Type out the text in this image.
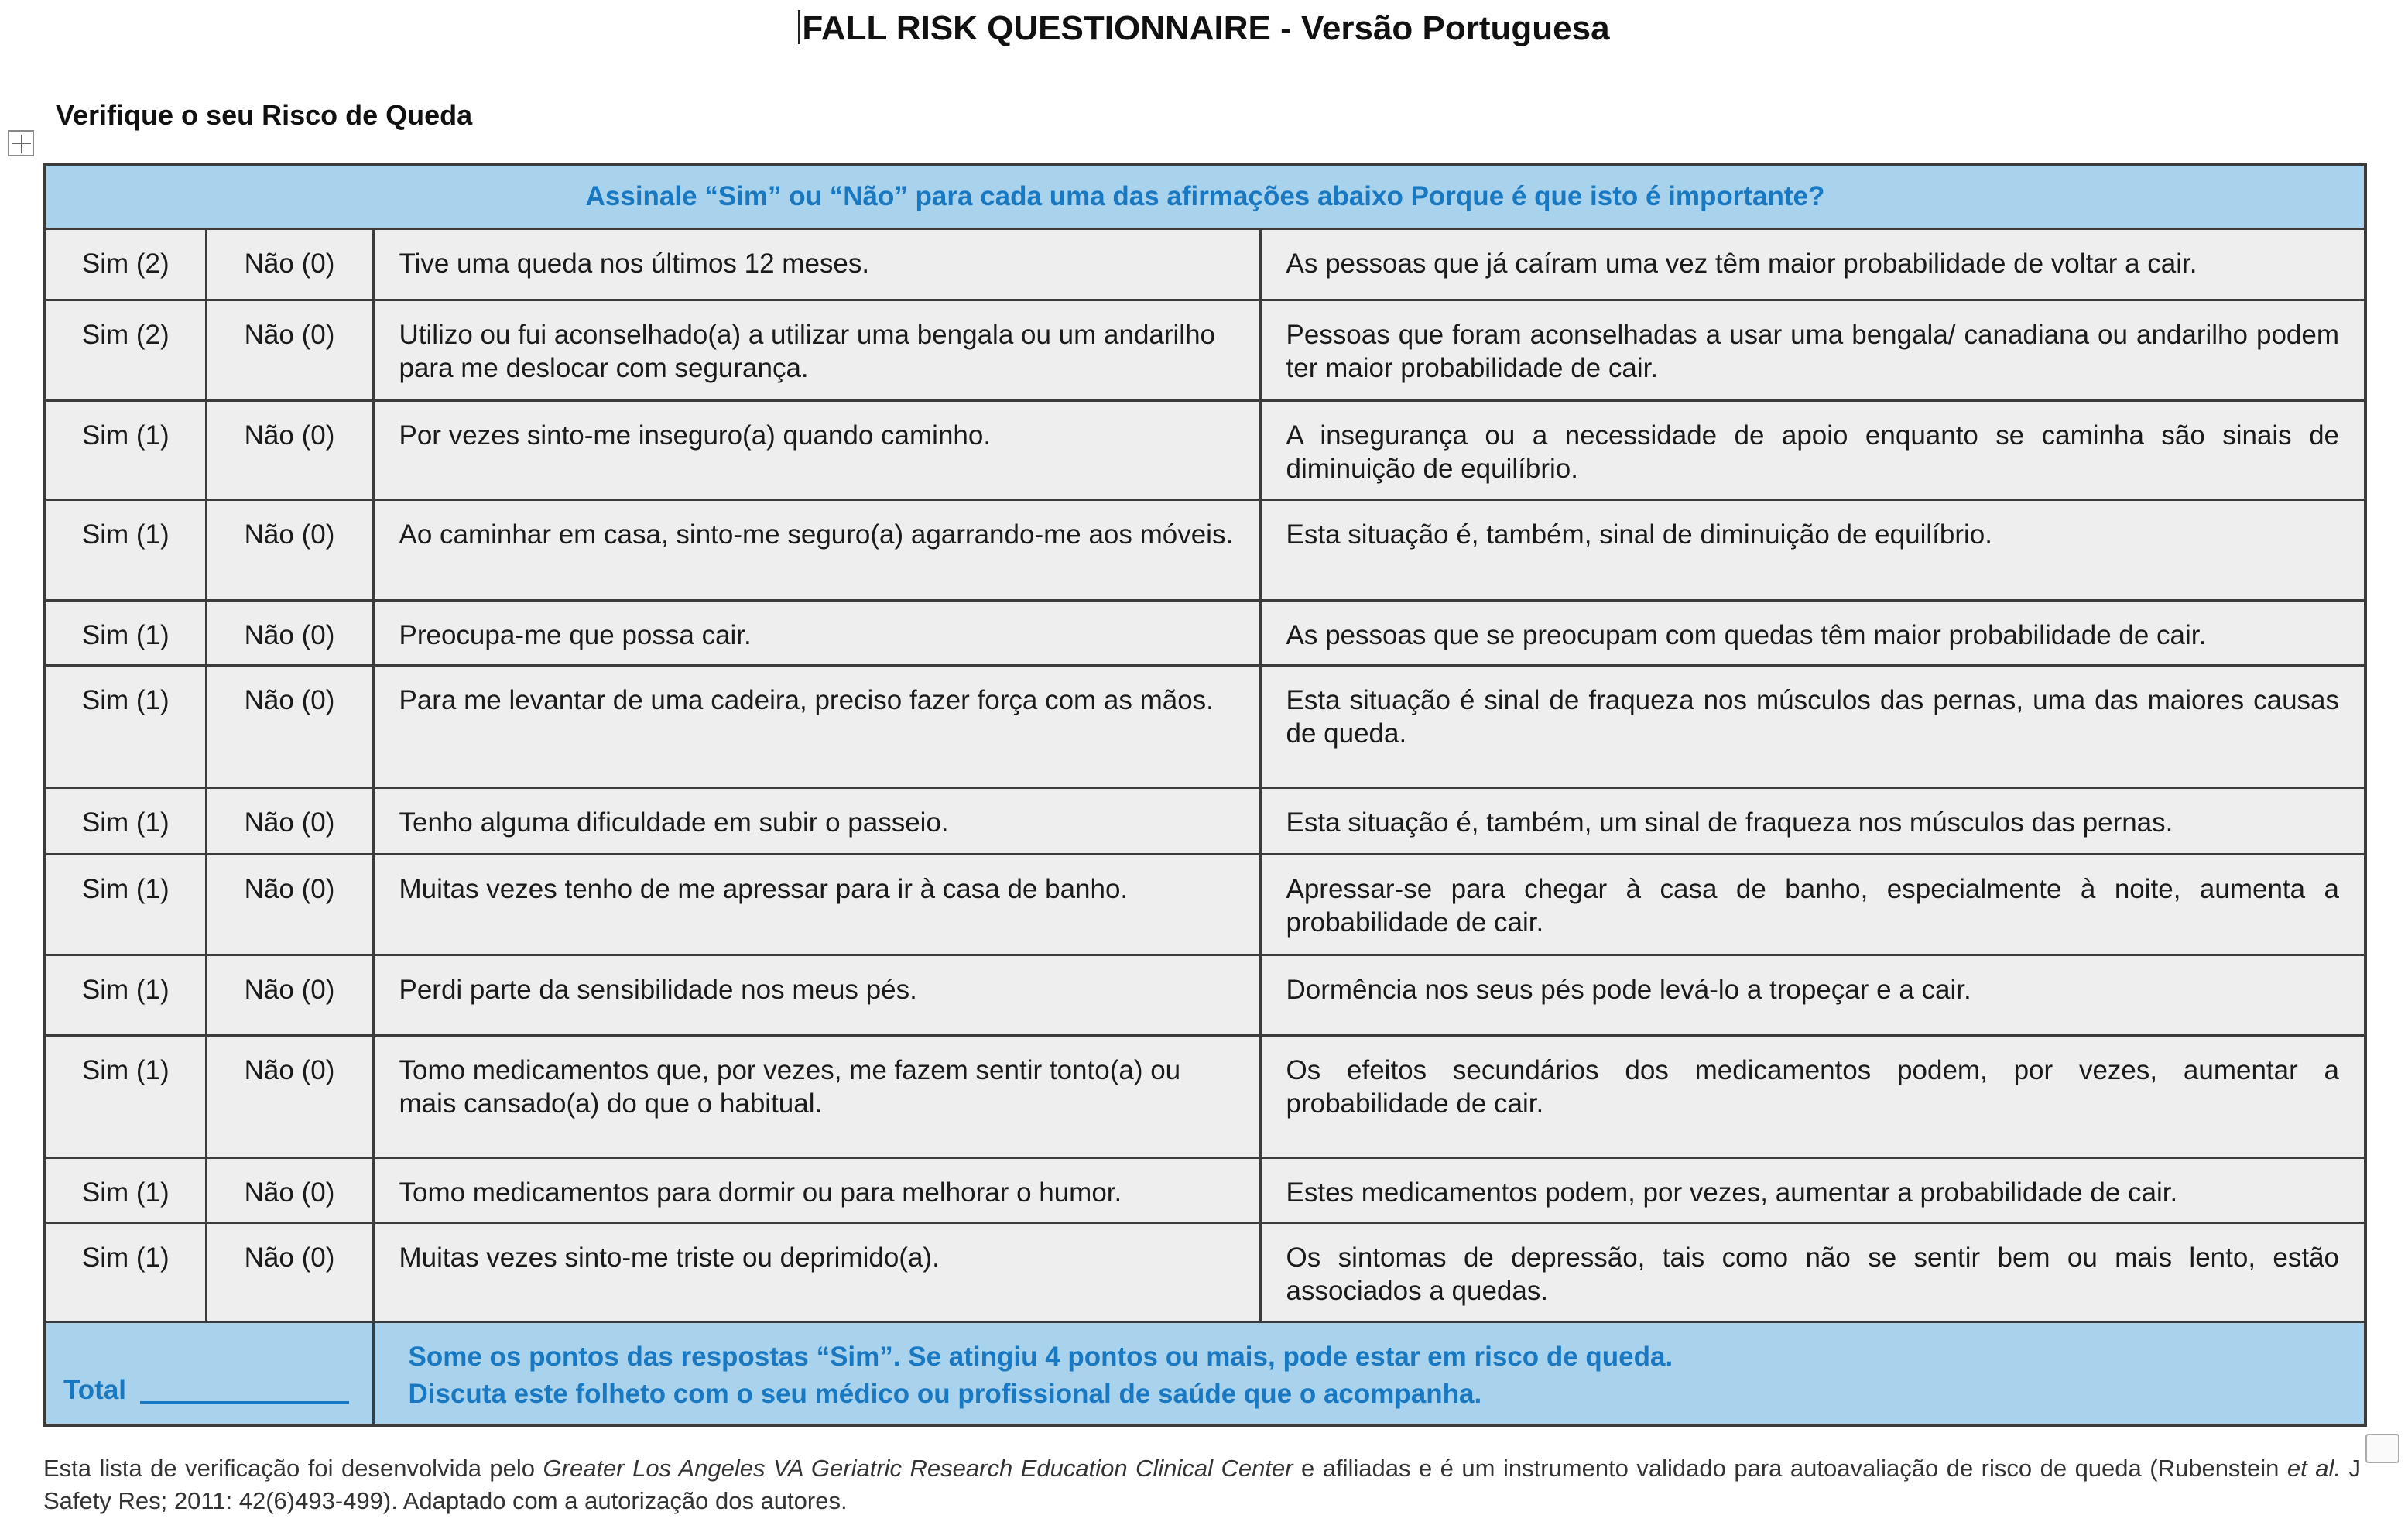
FALL RISK QUESTIONNAIRE - Versão Portuguesa
Verifique o seu Risco de Queda
Assinale “Sim” ou “Não” para cada uma das afirmações abaixo Porque é que isto é importante?			
Sim (2)	Não (0)	Tive uma queda nos últimos 12 meses.	As pessoas que já caíram uma vez têm maior probabilidade de voltar a cair.
Sim (2)	Não (0)	Utilizo ou fui aconselhado(a) a utilizar uma bengala ou um andarilho para me deslocar com segurança.	Pessoas que foram aconselhadas a usar uma bengala/ canadiana ou andarilho podem ter maior probabilidade de cair.
Sim (1)	Não (0)	Por vezes sinto-me inseguro(a) quando caminho.	A insegurança ou a necessidade de apoio enquanto se caminha são sinais de diminuição de equilíbrio.
Sim (1)	Não (0)	Ao caminhar em casa, sinto-me seguro(a) agarrando-me aos móveis.	Esta situação é, também, sinal de diminuição de equilíbrio.
Sim (1)	Não (0)	Preocupa-me que possa cair.	As pessoas que se preocupam com quedas têm maior probabilidade de cair.
Sim (1)	Não (0)	Para me levantar de uma cadeira, preciso fazer força com as mãos.	Esta situação é sinal de fraqueza nos músculos das pernas, uma das maiores causas de queda.
Sim (1)	Não (0)	Tenho alguma dificuldade em subir o passeio.	Esta situação é, também, um sinal de fraqueza nos músculos das pernas.
Sim (1)	Não (0)	Muitas vezes tenho de me apressar para ir à casa de banho.	Apressar-se para chegar à casa de banho, especialmente à noite, aumenta a probabilidade de cair.
Sim (1)	Não (0)	Perdi parte da sensibilidade nos meus pés.	Dormência nos seus pés pode levá-lo a tropeçar e a cair.
Sim (1)	Não (0)	Tomo medicamentos que, por vezes, me fazem sentir tonto(a) ou mais cansado(a) do que o habitual.	Os efeitos secundários dos medicamentos podem, por vezes, aumentar a probabilidade de cair.
Sim (1)	Não (0)	Tomo medicamentos para dormir ou para melhorar o humor.	Estes medicamentos podem, por vezes, aumentar a probabilidade de cair.
Sim (1)	Não (0)	Muitas vezes sinto-me triste ou deprimido(a).	Os sintomas de depressão, tais como não se sentir bem ou mais lento, estão associados a quedas.
Total		Some os pontos das respostas “Sim”. Se atingiu 4 pontos ou mais, pode estar em risco de queda.
Discuta este folheto com o seu médico ou profissional de saúde que o acompanha.	
Esta lista de verificação foi desenvolvida pelo Greater Los Angeles VA Geriatric Research Education Clinical Center e afiliadas e é um instrumento validado para autoavaliação de risco de queda (Rubenstein et al. J Safety Res; 2011: 42(6)493-499). Adaptado com a autorização dos autores.
